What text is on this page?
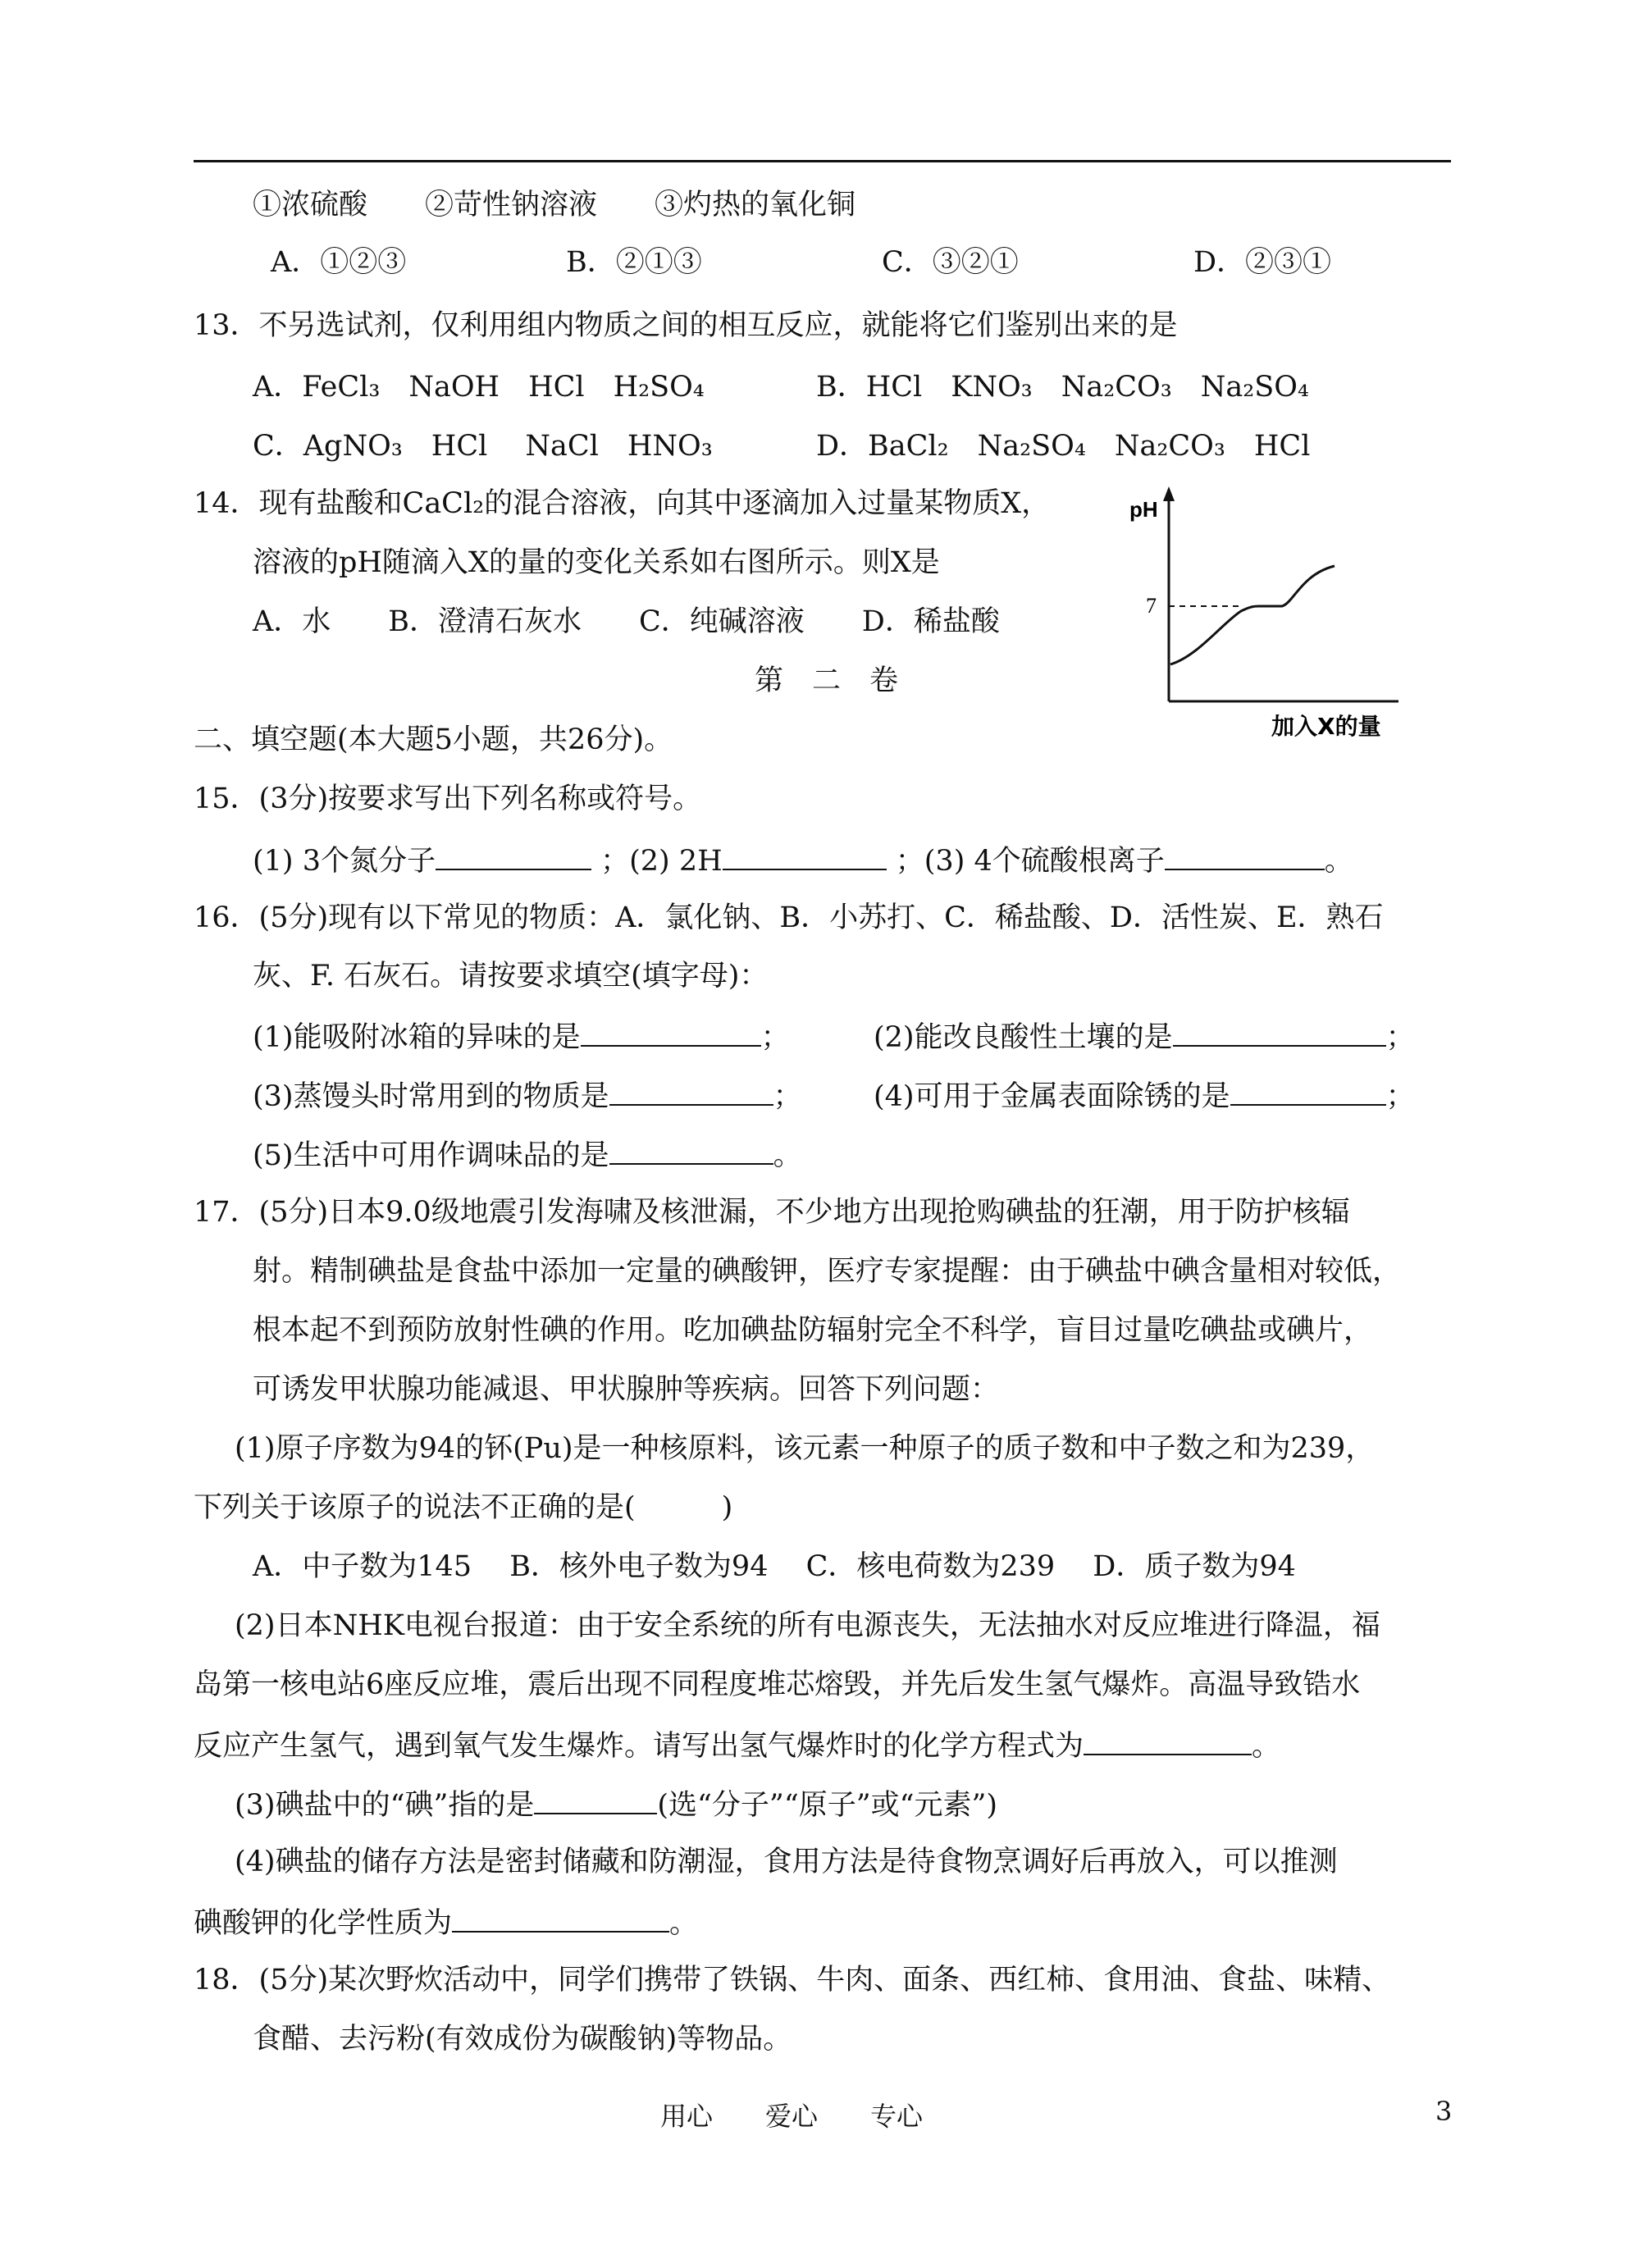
①浓硫酸　　②苛性钠溶液　　③灼热的氧化铜
A．①②③	B．②①③	C．③②①	D．②③①
13．不另选试剂，仅利用组内物质之间的相互反应，就能将它们鉴别出来的是
A．FeCl₃　NaOH　HCl　H₂SO₄	B．HCl　KNO₃　Na₂CO₃　Na₂SO₄
C．AgNO₃　HCl　 NaCl　HNO₃	D．BaCl₂　Na₂SO₄　Na₂CO₃　HCl
14．现有盐酸和CaCl₂的混合溶液，向其中逐滴加入过量某物质X，
溶液的pH随滴入X的量的变化关系如右图所示。则X是
A．水　　B．澄清石灰水　　C．纯碱溶液　　D．稀盐酸
pH
7
加入X的量
第　二　卷
二、填空题(本大题5小题，共26分)。
15．(3分)按要求写出下列名称或符号。
(1) 3个氮分子	；(2) 2H	；(3) 4个硫酸根离子	。
16．(5分)现有以下常见的物质：A．氯化钠、B．小苏打、C．稀盐酸、D．活性炭、E．熟石
灰、F. 石灰石。请按要求填空(填字母)：
(1)能吸附冰箱的异味的是	；	(2)能改良酸性土壤的是	；
(3)蒸馒头时常用到的物质是	； (4)可用于金属表面除锈的是	；
(5)生活中可用作调味品的是	。
17．(5分)日本9.0级地震引发海啸及核泄漏，不少地方出现抢购碘盐的狂潮，用于防护核辐
射。精制碘盐是食盐中添加一定量的碘酸钾，医疗专家提醒：由于碘盐中碘含量相对较低，
根本起不到预防放射性碘的作用。吃加碘盐防辐射完全不科学，盲目过量吃碘盐或碘片，
可诱发甲状腺功能减退、甲状腺肿等疾病。回答下列问题：
(1)原子序数为94的钚(Pu)是一种核原料，该元素一种原子的质子数和中子数之和为239，
下列关于该原子的说法不正确的是(　　　)
A．中子数为145　 B．核外电子数为94　 C．核电荷数为239　 D．质子数为94
(2)日本NHK电视台报道：由于安全系统的所有电源丧失，无法抽水对反应堆进行降温，福
岛第一核电站6座反应堆，震后出现不同程度堆芯熔毁，并先后发生氢气爆炸。高温导致锆水
反应产生氢气，遇到氧气发生爆炸。请写出氢气爆炸时的化学方程式为	。
(3)碘盐中的“碘”指的是	(选“分子”“原子”或“元素”)
(4)碘盐的储存方法是密封储藏和防潮湿，食用方法是待食物烹调好后再放入，可以推测
碘酸钾的化学性质为	。
18．(5分)某次野炊活动中，同学们携带了铁锅、牛肉、面条、西红柿、食用油、食盐、味精、
食醋、去污粉(有效成份为碳酸钠)等物品。
用心　　爱心　　专心	3
